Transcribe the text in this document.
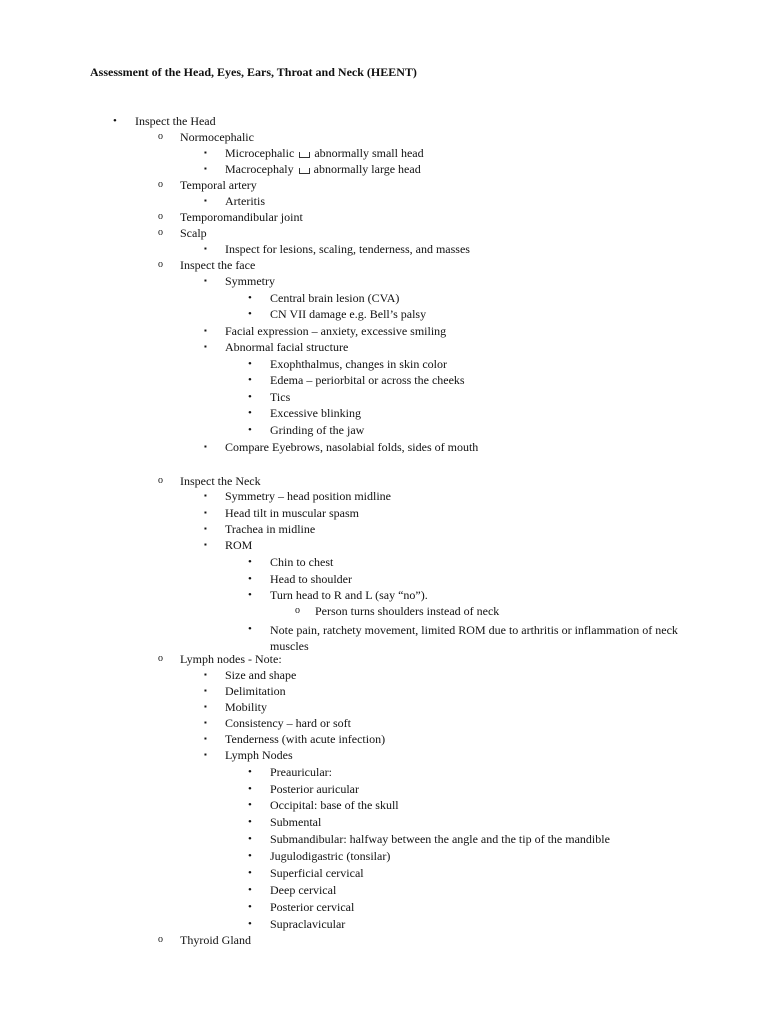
Assessment of the Head, Eyes, Ears, Throat and Neck (HEENT)
• Inspect the Head
o Normocephalic
▪ Microcephalic abnormally small head
▪ Macrocephaly abnormally large head
o Temporal artery
▪ Arteritis
o Temporomandibular joint
o Scalp
▪ Inspect for lesions, scaling, tenderness, and masses
o Inspect the face
▪ Symmetry
• Central brain lesion (CVA)
• CN VII damage e.g. Bell’s palsy
▪ Facial expression – anxiety, excessive smiling
▪ Abnormal facial structure
• Exophthalmus, changes in skin color
• Edema – periorbital or across the cheeks
• Tics
• Excessive blinking
• Grinding of the jaw
▪ Compare Eyebrows, nasolabial folds, sides of mouth
o Inspect the Neck
▪ Symmetry – head position midline
▪ Head tilt in muscular spasm
▪ Trachea in midline
▪ ROM
• Chin to chest
• Head to shoulder
• Turn head to R and L (say “no”).
o Person turns shoulders instead of neck
• Note pain, ratchety movement, limited ROM due to arthritis or inflammation of neck muscles
o Lymph nodes - Note:
▪ Size and shape
▪ Delimitation
▪ Mobility
▪ Consistency – hard or soft
▪ Tenderness (with acute infection)
▪ Lymph Nodes
• Preauricular:
• Posterior auricular
• Occipital: base of the skull
• Submental
• Submandibular: halfway between the angle and the tip of the mandible
• Jugulodigastric (tonsilar)
• Superficial cervical
• Deep cervical
• Posterior cervical
• Supraclavicular
o Thyroid Gland
